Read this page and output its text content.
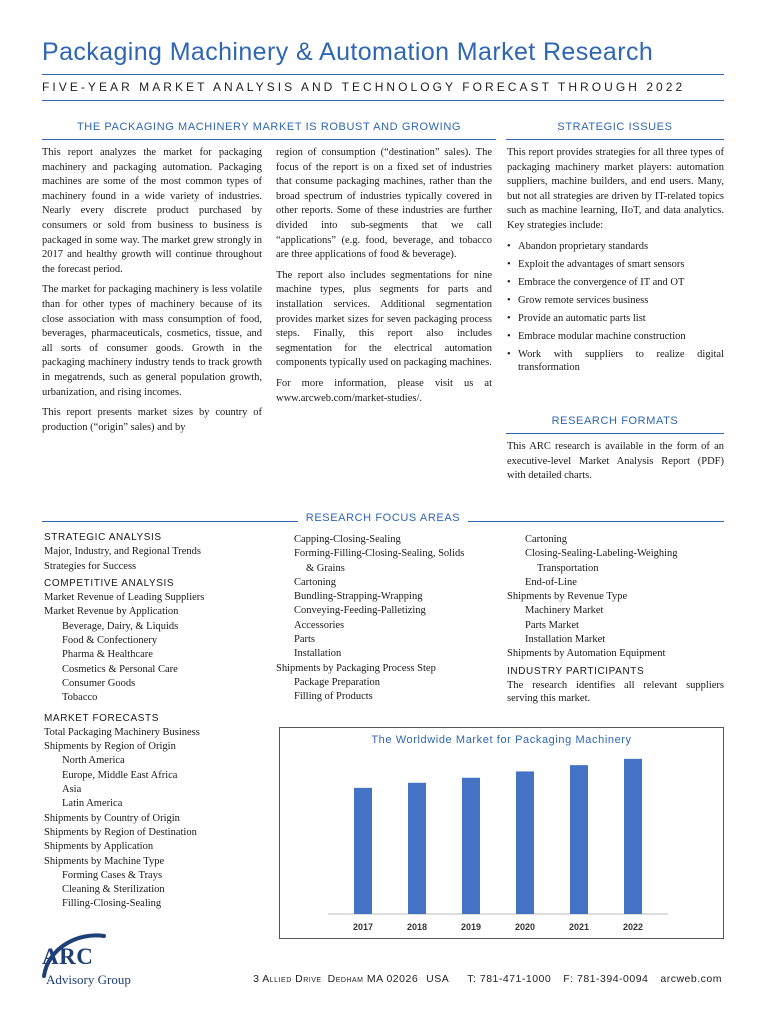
Packaging Machinery & Automation Market Research
FIVE-YEAR MARKET ANALYSIS AND TECHNOLOGY FORECAST THROUGH 2022
THE PACKAGING MACHINERY MARKET IS ROBUST AND GROWING	STRATEGIC ISSUES

This report analyzes the market for packaging machinery and packaging automation. Packaging machines are some of the most common types of machinery found in a wide variety of industries. Nearly every discrete product purchased by consumers or sold from business to business is packaged in some way. The market grew strongly in 2017 and healthy growth will continue throughout the forecast period.

The market for packaging machinery is less volatile than for other types of machinery because of its close association with mass consumption of food, beverages, pharmaceuticals, cosmetics, tissue, and all sorts of consumer goods. Growth in the packaging machinery industry tends to track growth in megatrends, such as general population growth, urbanization, and rising incomes.

This report presents market sizes by country of production (“origin” sales) and by

region of consumption (“destination” sales). The focus of the report is on a fixed set of industries that consume packaging machines, rather than the broad spectrum of industries typically covered in other reports. Some of these industries are further divided into sub-segments that we call “applications” (e.g. food, beverage, and tobacco are three applications of food & beverage).

The report also includes segmentations for nine machine types, plus segments for parts and installation services. Additional segmentation provides market sizes for seven packaging process steps. Finally, this report also includes segmentation for the electrical automation components typically used on packaging machines.

For more information, please visit us at www.arcweb.com/market-studies/.

This report provides strategies for all three types of packaging machinery market players: automation suppliers, machine builders, and end users. Many, but not all strategies are driven by IT-related topics such as machine learning, IIoT, and data analytics. Key strategies include:

• Abandon proprietary standards
• Exploit the advantages of smart sensors
• Embrace the convergence of IT and OT
• Grow remote services business
• Provide an automatic parts list
• Embrace modular machine construction
• Work with suppliers to realize digital transformation
RESEARCH FORMATS
This ARC research is available in the form of an executive-level Market Analysis Report (PDF) with detailed charts.
RESEARCH FOCUS AREAS
STRATEGIC ANALYSIS
Major, Industry, and Regional Trends
Strategies for Success
COMPETITIVE ANALYSIS
Market Revenue of Leading Suppliers
Market Revenue by Application
Beverage, Dairy, & Liquids
Food & Confectionery
Pharma & Healthcare
Cosmetics & Personal Care
Consumer Goods
Tobacco
MARKET FORECASTS
Total Packaging Machinery Business
Shipments by Region of Origin
North America
Europe, Middle East Africa
Asia
Latin America
Shipments by Country of Origin
Shipments by Region of Destination
Shipments by Application
Shipments by Machine Type
Forming Cases & Trays
Cleaning & Sterilization
Filling-Closing-Sealing
Capping-Closing-Sealing
Forming-Filling-Closing-Sealing, Solids
& Grains
Cartoning
Bundling-Strapping-Wrapping
Conveying-Feeding-Palletizing
Accessories
Parts
Installation
Shipments by Packaging Process Step
Package Preparation
Filling of Products
Cartoning
Closing-Sealing-Labeling-Weighing
Transportation
End-of-Line
Shipments by Revenue Type
Machinery Market
Parts Market
Installation Market
Shipments by Automation Equipment
INDUSTRY PARTICIPANTS
The research identifies all relevant suppliers serving this market.
The Worldwide Market for Packaging Machinery
2017	2018	2019	2020	2021	2022
ARC
Advisory Group	3 Allied Drive Dedham MA 02026 USA T: 781-471-1000 F: 781-394-0094 arcweb.com
